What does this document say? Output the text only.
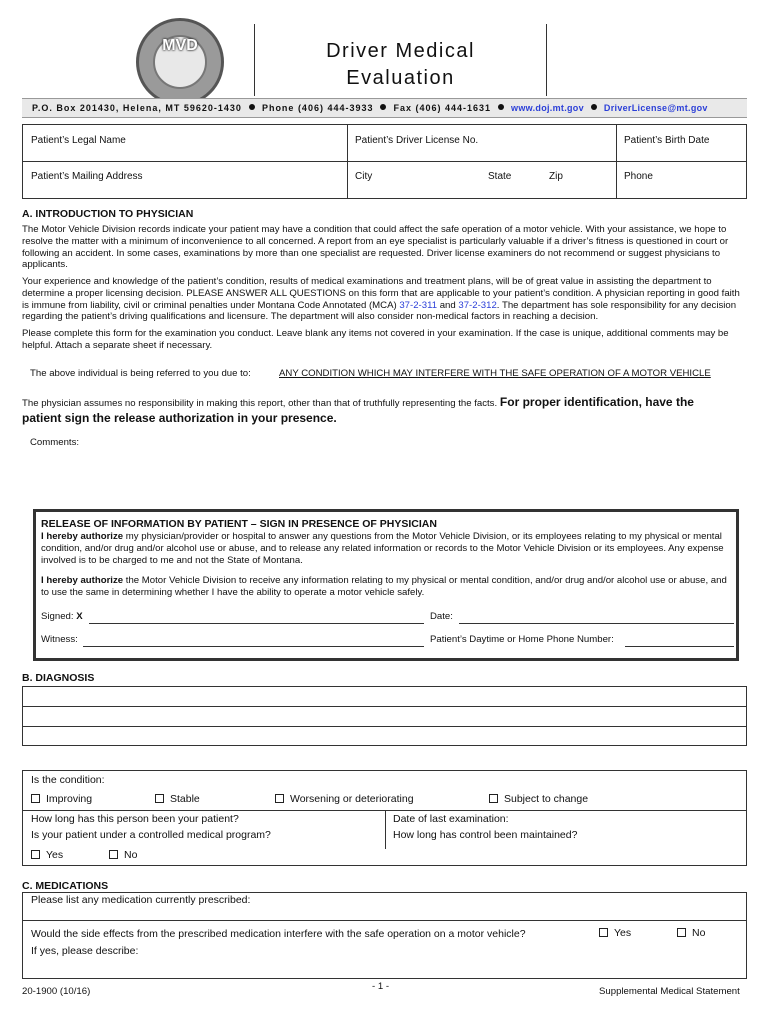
MVD	Driver Medical
Evaluation
P.O. Box 201430, Helena, MT 59620-1430 Phone (406) 444-3933 Fax (406) 444-1631 www.doj.mt.gov DriverLicense@mt.gov
Patient’s Legal Name	Patient’s Driver License No.	Patient’s Birth Date
Patient’s Mailing Address	City	State	Zip	Phone
A. INTRODUCTION TO PHYSICIAN
The Motor Vehicle Division records indicate your patient may have a condition that could affect the safe operation of a motor vehicle. With your assistance, we hope to resolve the matter with a minimum of inconvenience to all concerned. A report from an eye specialist is particularly valuable if a driver’s fitness is questioned in court or following an accident. In some cases, examinations by more than one specialist are requested. Driver license examiners do not recommend or suggest physicians to applicants.
Your experience and knowledge of the patient’s condition, results of medical examinations and treatment plans, will be of great value in assisting the department to determine a proper licensing decision. PLEASE ANSWER ALL QUESTIONS on this form that are applicable to your patient’s condition. A physician reporting in good faith is immune from liability, civil or criminal penalties under Montana Code Annotated (MCA) 37-2-311 and 37-2-312. The department has sole responsibility for any decision regarding the patient’s driving qualifications and licensure. The department will also consider non-medical factors in reaching a decision.
Please complete this form for the examination you conduct. Leave blank any items not covered in your examination. If the case is unique, additional comments may be helpful. Attach a separate sheet if necessary.
The above individual is being referred to you due to:	ANY CONDITION WHICH MAY INTERFERE WITH THE SAFE OPERATION OF A MOTOR VEHICLE
The physician assumes no responsibility in making this report, other than that of truthfully representing the facts. For proper identification, have the
patient sign the release authorization in your presence.
Comments:
RELEASE OF INFORMATION BY PATIENT – SIGN IN PRESENCE OF PHYSICIAN
I hereby authorize my physician/provider or hospital to answer any questions from the Motor Vehicle Division, or its employees relating to my physical or mental condition, and/or drug and/or alcohol use or abuse, and to release any related information or records to the Motor Vehicle Division or its employees. Any expense involved is to be charged to me and not the State of Montana.
I hereby authorize the Motor Vehicle Division to receive any information relating to my physical or mental condition, and/or drug and/or alcohol use or abuse, and to use the same in determining whether I have the ability to operate a motor vehicle safely.
Signed: X	Date:
Witness:	Patient’s Daytime or Home Phone Number:
B. DIAGNOSIS
Is the condition:
Improving	Stable	Worsening or deteriorating	Subject to change
How long has this person been your patient?	Date of last examination:
Is your patient under a controlled medical program?	How long has control been maintained?
Yes	No
C. MEDICATIONS
Please list any medication currently prescribed:
Would the side effects from the prescribed medication interfere with the safe operation on a motor vehicle?	Yes	No
If yes, please describe:
20-1900 (10/16)	- 1 -	Supplemental Medical Statement
